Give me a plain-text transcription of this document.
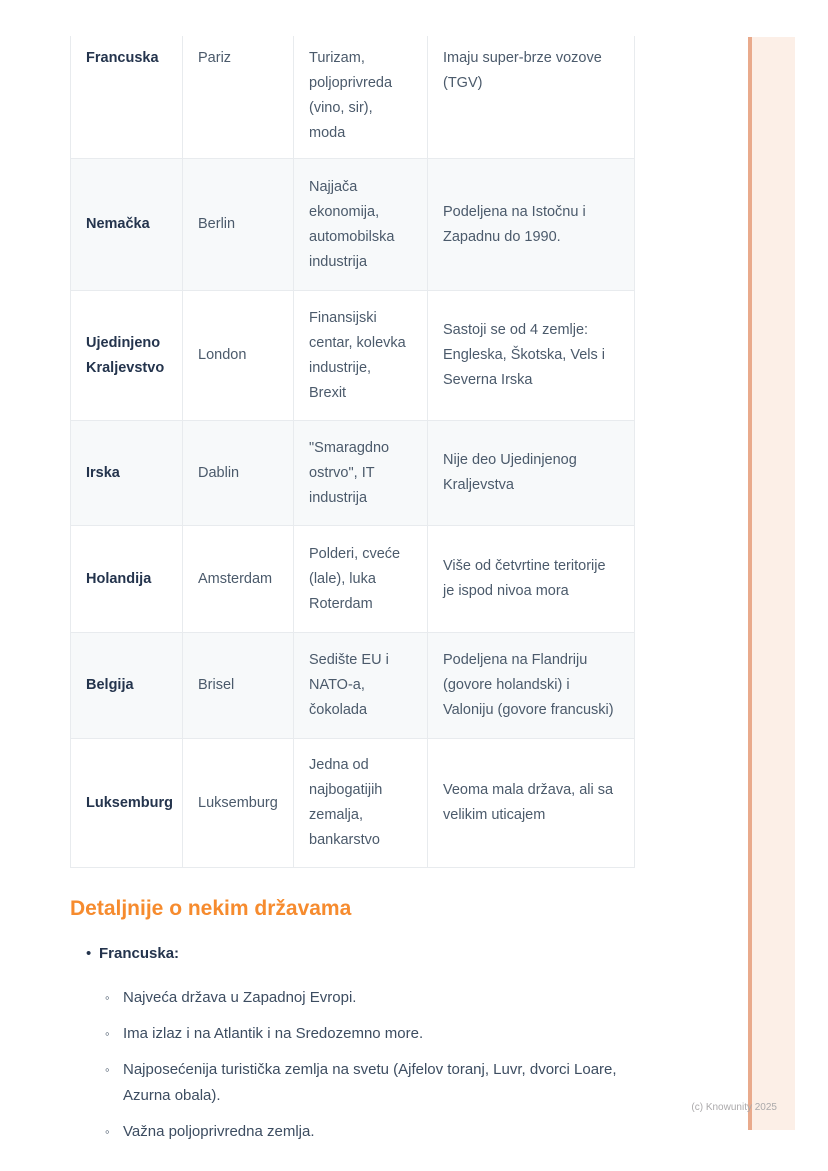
Francuska	Pariz	Turizam, poljoprivreda (vino, sir), moda	Imaju super-brze vozove (TGV)
Nemačka	Berlin	Najjača ekonomija, automobilska industrija	Podeljena na Istočnu i Zapadnu do 1990.
Ujedinjeno Kraljevstvo	London	Finansijski centar, kolevka industrije, Brexit	Sastoji se od 4 zemlje: Engleska, Škotska, Vels i Severna Irska
Irska	Dablin	"Smaragdno ostrvo", IT industrija	Nije deo Ujedinjenog Kraljevstva
Holandija	Amsterdam	Polderi, cveće (lale), luka Roterdam	Više od četvrtine teritorije je ispod nivoa mora
Belgija	Brisel	Sedište EU i NATO-a, čokolada	Podeljena na Flandriju (govore holandski) i Valoniju (govore francuski)
Luksemburg	Luksemburg	Jedna od najbogatijih zemalja, bankarstvo	Veoma mala država, ali sa velikim uticajem
Detaljnije o nekim državama
• Francuska:
◦ Najveća država u Zapadnoj Evropi.
◦ Ima izlaz i na Atlantik i na Sredozemno more.
◦ Najposećenija turistička zemlja na svetu (Ajfelov toranj, Luvr, dvorci Loare, Azurna obala).
◦ Važna poljoprivredna zemlja.
(c) Knowunity 2025
